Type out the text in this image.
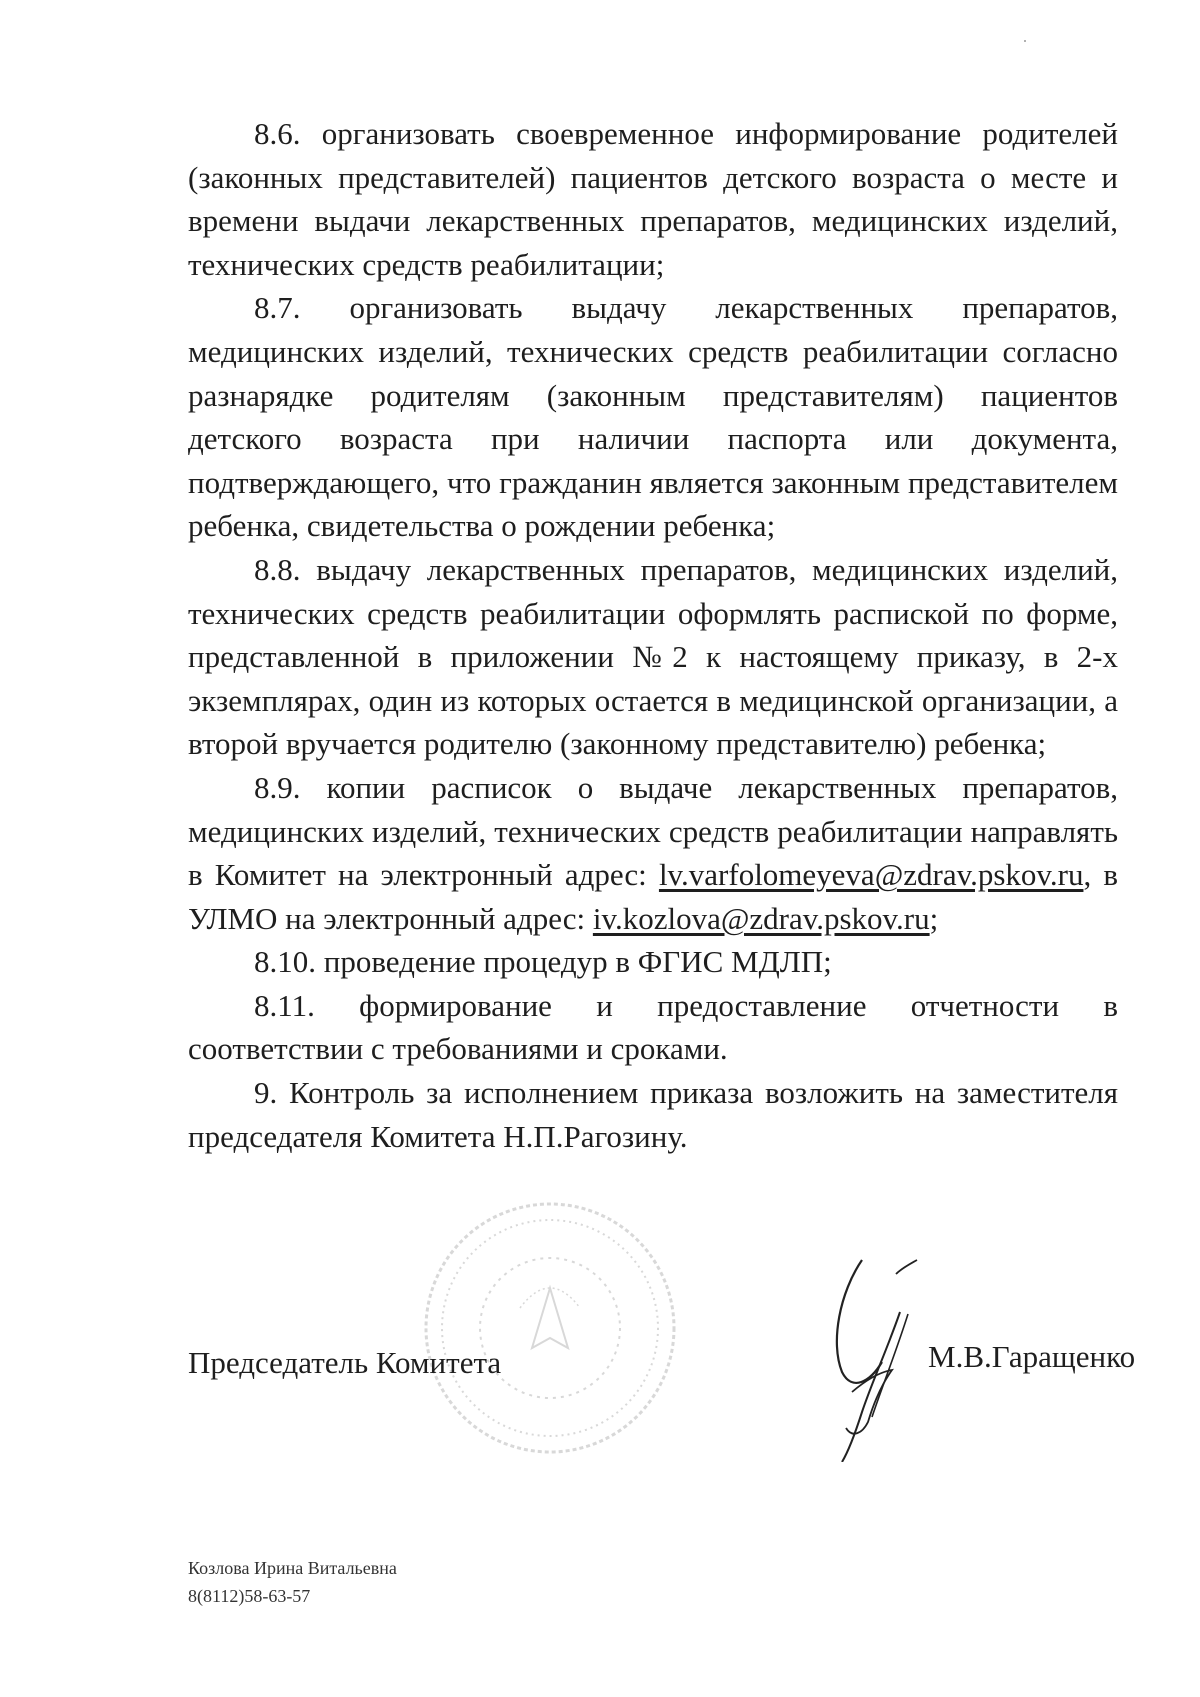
8.6. организовать своевременное информирование родителей (законных представителей) пациентов детского возраста о месте и времени выдачи лекарственных препаратов, медицинских изделий, технических средств реабилитации;

8.7. организовать выдачу лекарственных препаратов, медицинских изделий, технических средств реабилитации согласно разнарядке родителям (законным представителям) пациентов детского возраста при наличии паспорта или документа, подтверждающего, что гражданин является законным представителем ребенка, свидетельства о рождении ребенка;

8.8. выдачу лекарственных препаратов, медицинских изделий, технических средств реабилитации оформлять распиской по форме, представленной в приложении №2 к настоящему приказу, в 2-х экземплярах, один из которых остается в медицинской организации, а второй вручается родителю (законному представителю) ребенка;

8.9. копии расписок о выдаче лекарственных препаратов, медицинских изделий, технических средств реабилитации направлять в Комитет на электронный адрес: lv.varfolomeyeva@zdrav.pskov.ru, в УЛМО на электронный адрес: iv.kozlova@zdrav.pskov.ru;

8.10. проведение процедур в ФГИС МДЛП;

8.11. формирование и предоставление отчетности в соответствии с требованиями и сроками.

9. Контроль за исполнением приказа возложить на заместителя председателя Комитета Н.П.Рагозину.

Председатель Комитета	М.В.Гаращенко
Козлова Ирина Витальевна
8(8112)58-63-57
